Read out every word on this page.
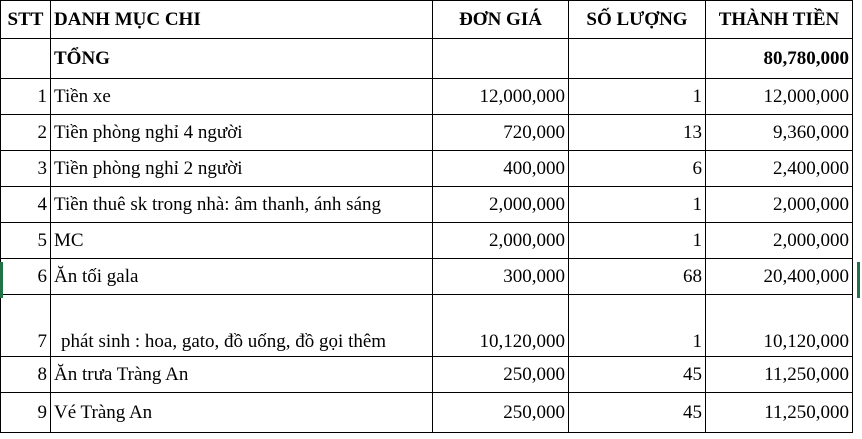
STT	DANH MỤC CHI	ĐƠN GIÁ	SỐ LƯỢNG	THÀNH TIỀN
	TỔNG			80,780,000
1	Tiền xe	12,000,000	1	12,000,000
2	Tiền phòng nghỉ 4 người	720,000	13	9,360,000
3	Tiền phòng nghỉ 2 người	400,000	6	2,400,000
4	Tiền thuê sk trong nhà: âm thanh, ánh sáng	2,000,000	1	2,000,000
5	MC	2,000,000	1	2,000,000
6	Ăn tối gala	300,000	68	20,400,000
7	phát sinh : hoa, gato, đồ uống, đồ gọi thêm	10,120,000	1	10,120,000
8	Ăn trưa Tràng An	250,000	45	11,250,000
9	Vé Tràng An	250,000	45	11,250,000
